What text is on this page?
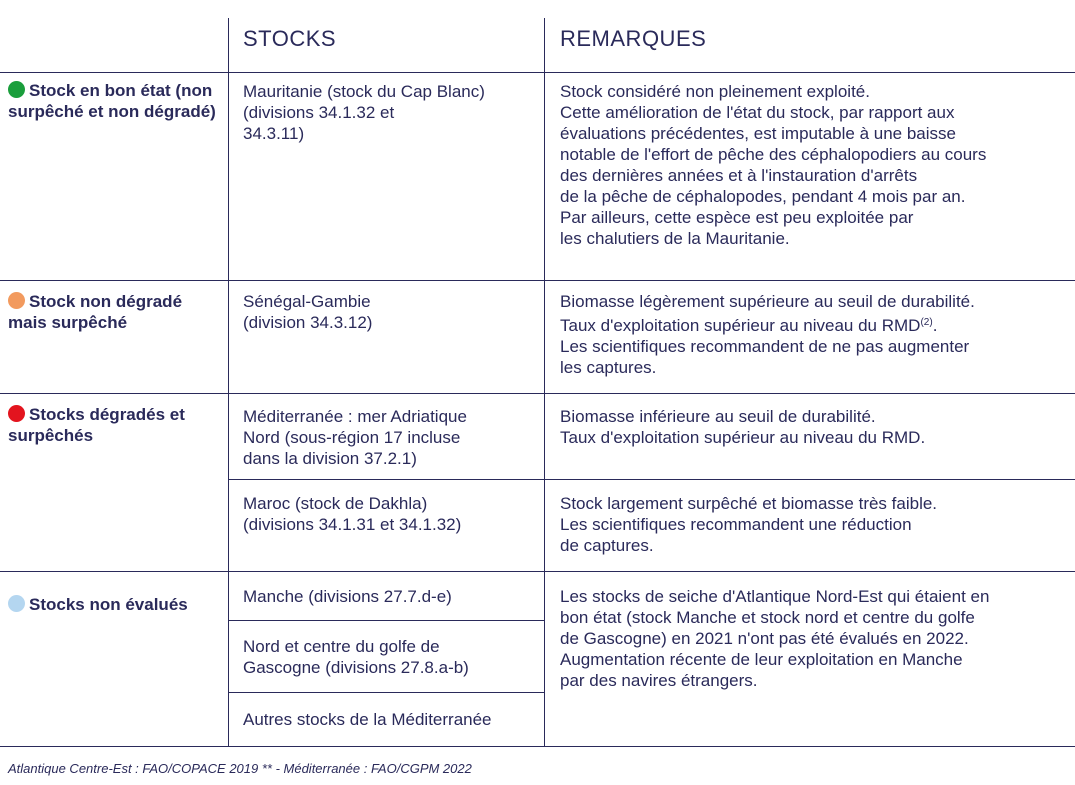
STOCKS	REMARQUES
Stock en bon état (non surpêché et non dégradé)
Mauritanie (stock du Cap Blanc)
(divisions 34.1.32 et
34.3.11)
Stock considéré non pleinement exploité.
Cette amélioration de l'état du stock, par rapport aux
évaluations précédentes, est imputable à une baisse
notable de l'effort de pêche des céphalopodiers au cours
des dernières années et à l'instauration d'arrêts
de la pêche de céphalopodes, pendant 4 mois par an.
Par ailleurs, cette espèce est peu exploitée par
les chalutiers de la Mauritanie.
Stock non dégradé mais surpêché
Sénégal-Gambie
(division 34.3.12)
Biomasse légèrement supérieure au seuil de durabilité.
Taux d'exploitation supérieur au niveau du RMD$^{(2)}$.
Les scientifiques recommandent de ne pas augmenter
les captures.
Stocks dégradés et surpêchés
Méditerranée : mer Adriatique
Nord (sous-région 17 incluse
dans la division 37.2.1)
Biomasse inférieure au seuil de durabilité.
Taux d'exploitation supérieur au niveau du RMD.
Maroc (stock de Dakhla)
(divisions 34.1.31 et 34.1.32)
Stock largement surpêché et biomasse très faible.
Les scientifiques recommandent une réduction
de captures.
Stocks non évalués	Manche (divisions 27.7.d-e)
Nord et centre du golfe de
Gascogne (divisions 27.8.a-b)
Autres stocks de la Méditerranée
Les stocks de seiche d'Atlantique Nord-Est qui étaient en
bon état (stock Manche et stock nord et centre du golfe
de Gascogne) en 2021 n'ont pas été évalués en 2022.
Augmentation récente de leur exploitation en Manche
par des navires étrangers.
Atlantique Centre-Est : FAO/COPACE 2019 ** - Méditerranée : FAO/CGPM 2022
